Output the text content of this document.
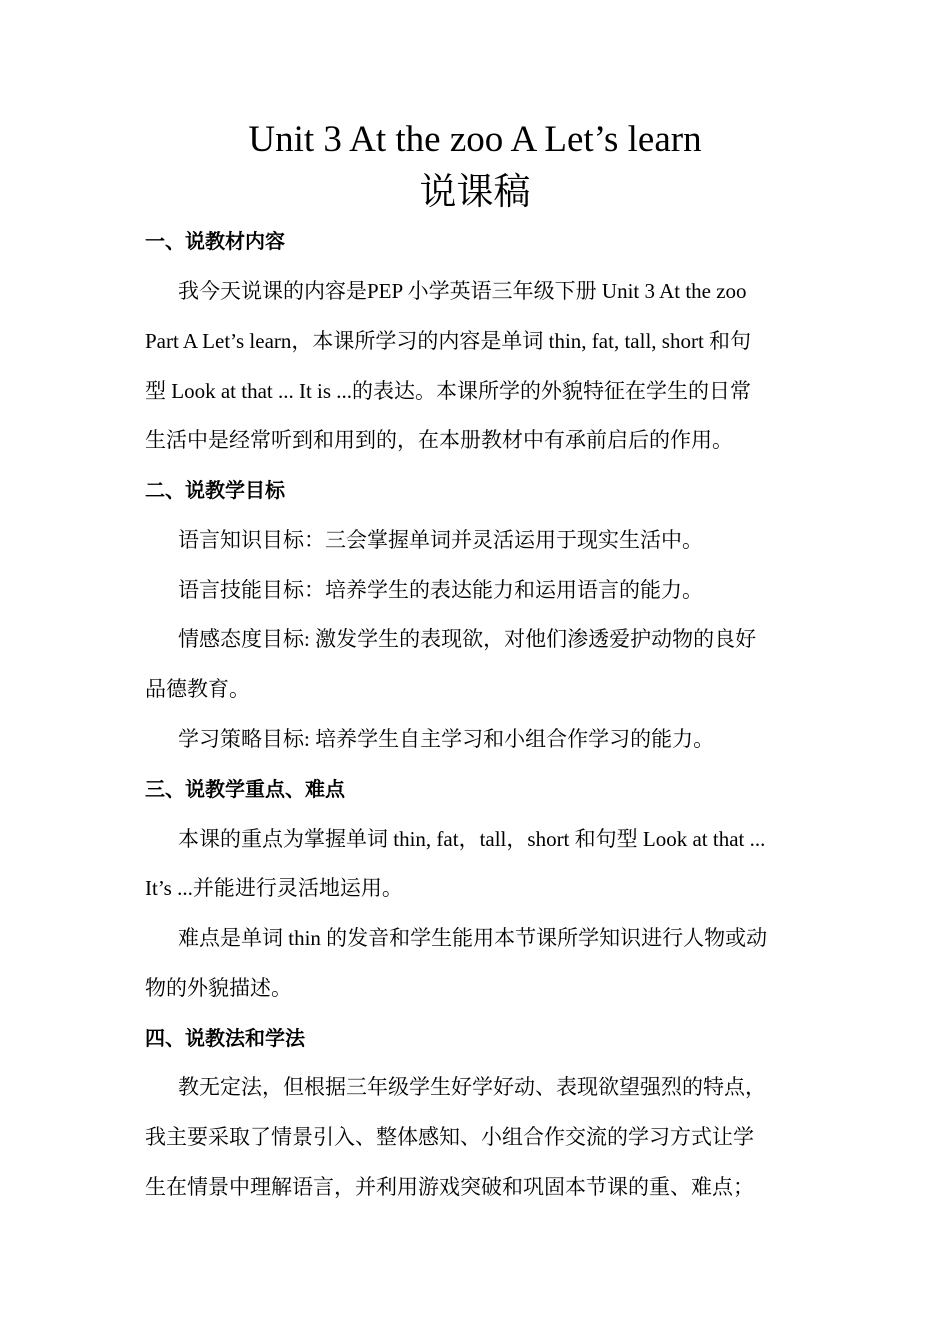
Unit 3 At the zoo A Let’s learn
说课稿
一、说教材内容
我今天说课的内容是PEP 小学英语三年级下册 Unit 3 At the zoo
Part A Let’s learn，本课所学习的内容是单词 thin, fat, tall, short 和句
型 Look at that ... It is ...的表达。本课所学的外貌特征在学生的日常
生活中是经常听到和用到的，在本册教材中有承前启后的作用。
二、说教学目标
语言知识目标：三会掌握单词并灵活运用于现实生活中。
语言技能目标：培养学生的表达能力和运用语言的能力。
情感态度目标: 激发学生的表现欲，对他们渗透爱护动物的良好
品德教育。
学习策略目标: 培养学生自主学习和小组合作学习的能力。
三、说教学重点、难点
本课的重点为掌握单词 thin, fat，tall，short 和句型 Look at that ...
It’s ...并能进行灵活地运用。
难点是单词 thin 的发音和学生能用本节课所学知识进行人物或动
物的外貌描述。
四、说教法和学法
教无定法，但根据三年级学生好学好动、表现欲望强烈的特点，
我主要采取了情景引入、整体感知、小组合作交流的学习方式让学
生在情景中理解语言，并利用游戏突破和巩固本节课的重、难点；
